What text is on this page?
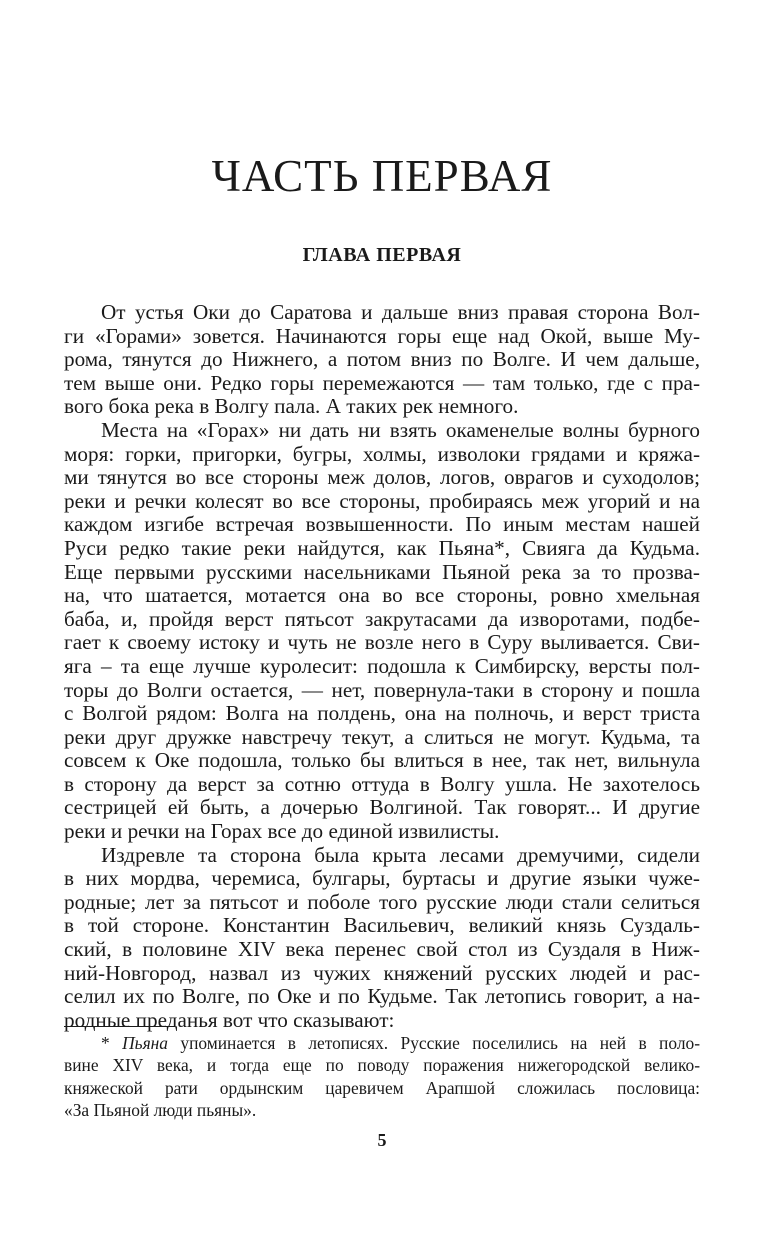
ЧАСТЬ ПЕРВАЯ
ГЛАВА ПЕРВАЯ

От устья Оки до Саратова и дальше вниз правая сторона Вол-
ги «Горами» зовется. Начинаются горы еще над Окой, выше Му-
рома, тянутся до Нижнего, а потом вниз по Волге. И чем дальше,
тем выше они. Редко горы перемежаются — там только, где с пра-
вого бока река в Волгу пала. А таких рек немного.

Места на «Горах» ни дать ни взять окаменелые волны бурного
моря: горки, пригорки, бугры, холмы, изволоки грядами и кряжа-
ми тянутся во все стороны меж долов, логов, оврагов и суходолов;
реки и речки колесят во все стороны, пробираясь меж угорий и на
каждом изгибе встречая возвышенности. По иным местам нашей
Руси редко такие реки найдутся, как Пьяна*, Свияга да Кудьма.
Еще первыми русскими насельниками Пьяной река за то прозва-
на, что шатается, мотается она во все стороны, ровно хмельная
баба, и, пройдя верст пятьсот закрутасами да изворотами, подбе-
гает к своему истоку и чуть не возле него в Суру выливается. Сви-
яга – та еще лучше куролесит: подошла к Симбирску, версты пол-
торы до Волги остается, — нет, повернула-таки в сторону и пошла
с Волгой рядом: Волга на полдень, она на полночь, и верст триста
реки друг дружке навстречу текут, а слиться не могут. Кудьма, та
совсем к Оке подошла, только бы влиться в нее, так нет, вильнула
в сторону да верст за сотню оттуда в Волгу ушла. Не захотелось
сестрицей ей быть, а дочерью Волгиной. Так говорят... И другие
реки и речки на Горах все до единой извилисты.

Издревле та сторона была крыта лесами дремучими, сидели
в них мордва, черемиса, булгары, буртасы и другие язы́ки чуже-
родные; лет за пятьсот и поболе того русские люди стали селиться
в той стороне. Константин Васильевич, великий князь Суздаль-
ский, в половине XIV века перенес свой стол из Суздаля в Ниж-
ний-Новгород, назвал из чужих княжений русских людей и рас-
селил их по Волге, по Оке и по Кудьме. Так летопись говорит, а на-
родные преданья вот что сказывают:

* Пьяна упоминается в летописях. Русские поселились на ней в поло-
вине XIV века, и тогда еще по поводу поражения нижегородской велико-
княжеской рати ордынским царевичем Арапшой сложилась пословица:
«За Пьяной люди пьяны».
5
